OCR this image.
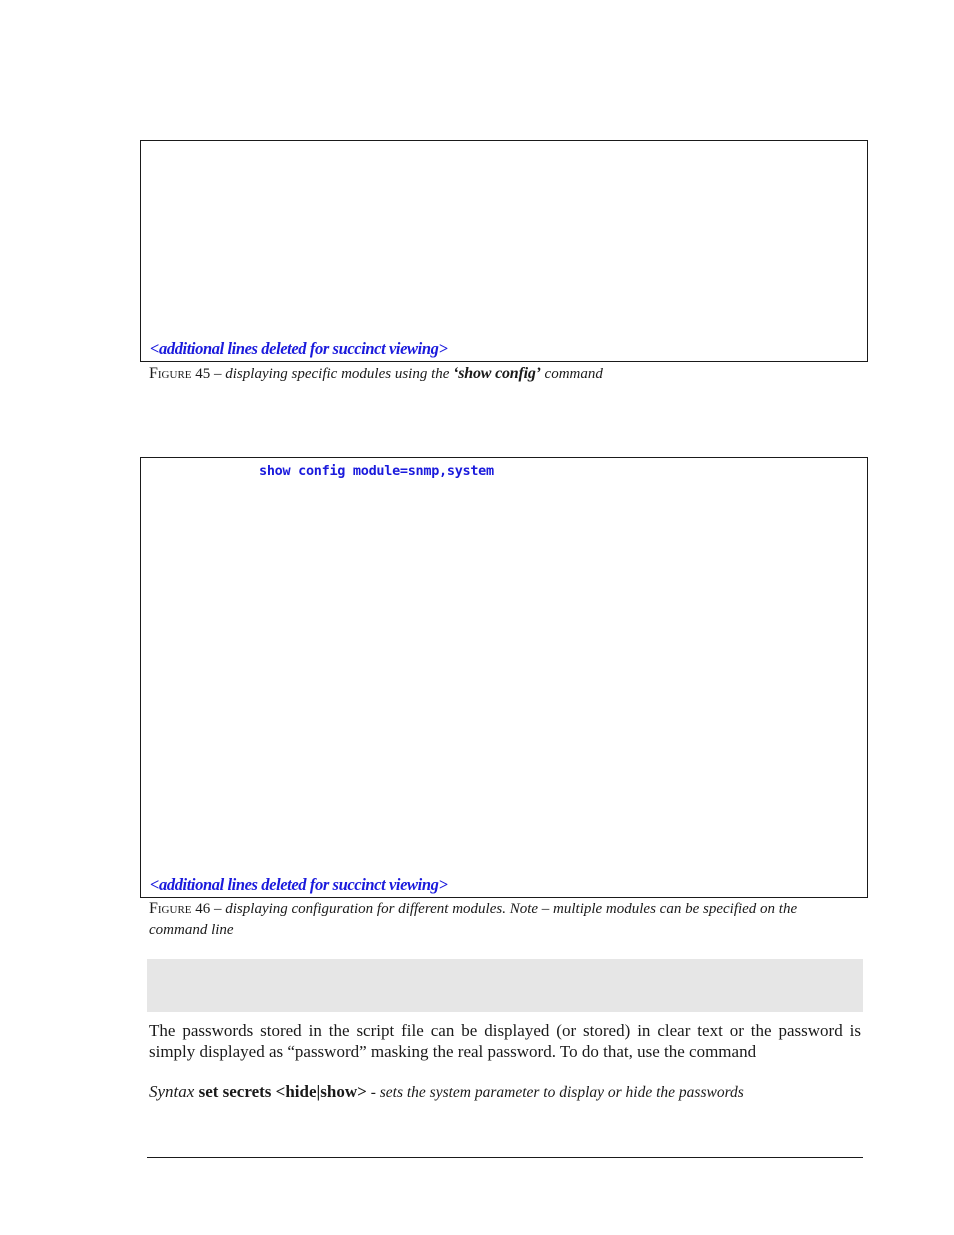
<additional lines deleted for succinct viewing>
Figure 45 – displaying specific modules using the ‘show config’ command
show config module=snmp,system
<additional lines deleted for succinct viewing>
Figure 46 – displaying configuration for different modules. Note – multiple modules can be specified on the command line
The passwords stored in the script file can be displayed (or stored) in clear text or the password is simply displayed as “password” masking the real password. To do that, use the command
Syntax set secrets <hide|show> - sets the system parameter to display or hide the passwords
